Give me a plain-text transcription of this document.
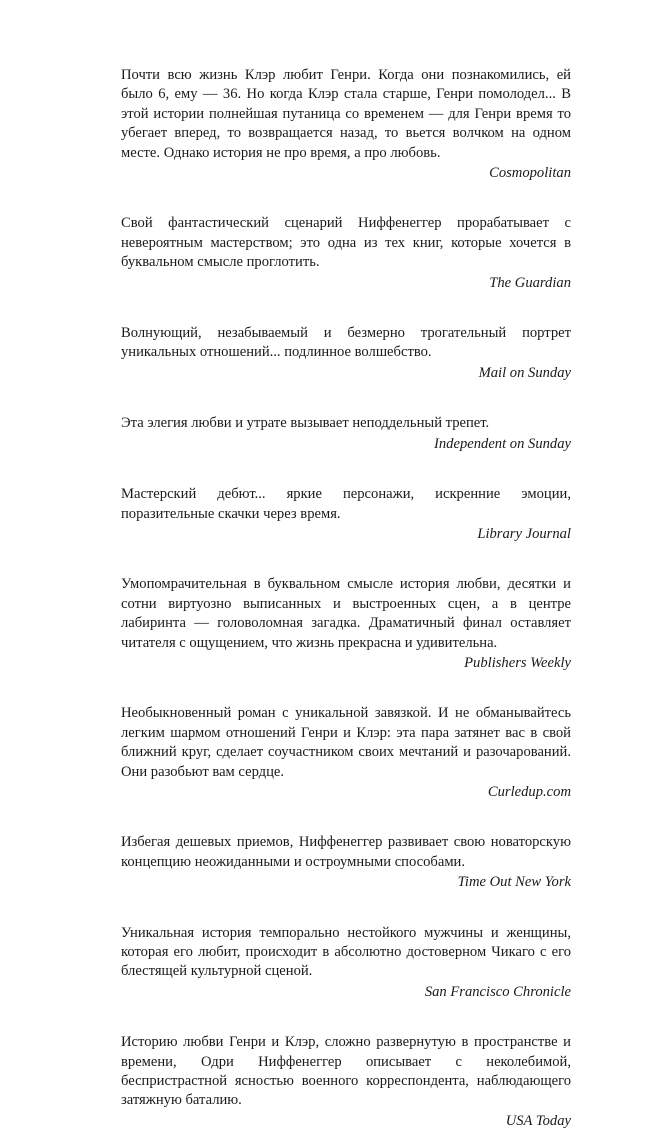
Почти всю жизнь Клэр любит Генри. Когда они познакомились, ей было 6, ему — 36. Но когда Клэр стала старше, Генри помолодел... В этой истории полнейшая путаница со временем — для Генри время то убегает вперед, то возвращается назад, то вьется волчком на одном месте. Однако история не про время, а про любовь.

Cosmopolitan

Свой фантастический сценарий Ниффенеггер прорабатывает с невероятным мастерством; это одна из тех книг, которые хочется в буквальном смысле проглотить.

The Guardian

Волнующий, незабываемый и безмерно трогательный портрет уникальных отношений... подлинное волшебство.

Mail on Sunday

Эта элегия любви и утрате вызывает неподдельный трепет.

Independent on Sunday

Мастерский дебют... яркие персонажи, искренние эмоции, поразительные скачки через время.

Library Journal

Умопомрачительная в буквальном смысле история любви, десятки и сотни виртуозно выписанных и выстроенных сцен, а в центре лабиринта — головоломная загадка. Драматичный финал оставляет читателя с ощущением, что жизнь прекрасна и удивительна.

Publishers Weekly

Необыкновенный роман с уникальной завязкой. И не обманывайтесь легким шармом отношений Генри и Клэр: эта пара затянет вас в свой ближний круг, сделает соучастником своих мечтаний и разочарований. Они разобьют вам сердце.

Curledup.com

Избегая дешевых приемов, Ниффенеггер развивает свою новаторскую концепцию неожиданными и остроумными способами.

Time Out New York

Уникальная история темпорально нестойкого мужчины и женщины, которая его любит, происходит в абсолютно достоверном Чикаго с его блестящей культурной сценой.

San Francisco Chronicle

Историю любви Генри и Клэр, сложно развернутую в пространстве и времени, Одри Ниффенеггер описывает с неколебимой, беспристрастной ясностью военного корреспондента, наблюдающего затяжную баталию.

USA Today
